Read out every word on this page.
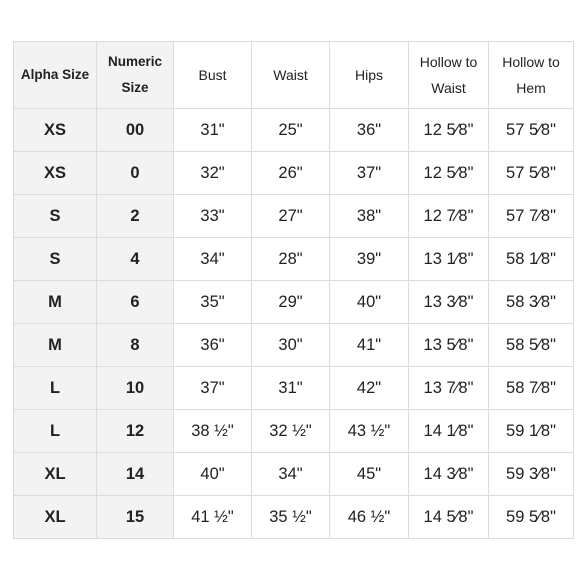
Alpha Size	Numeric Size	Bust	Waist	Hips	Hollow to Waist	Hollow to Hem
XS	00	31"	25"	36"	12 5⁄8"	57 5⁄8"
XS	0	32"	26"	37"	12 5⁄8"	57 5⁄8"
S	2	33"	27"	38"	12 7⁄8"	57 7⁄8"
S	4	34"	28"	39"	13 1⁄8"	58 1⁄8"
M	6	35"	29"	40"	13 3⁄8"	58 3⁄8"
M	8	36"	30"	41"	13 5⁄8"	58 5⁄8"
L	10	37"	31"	42"	13 7⁄8"	58 7⁄8"
L	12	38 ½"	32 ½"	43 ½"	14 1⁄8"	59 1⁄8"
XL	14	40"	34"	45"	14 3⁄8"	59 3⁄8"
XL	15	41 ½"	35 ½"	46 ½"	14 5⁄8"	59 5⁄8"
